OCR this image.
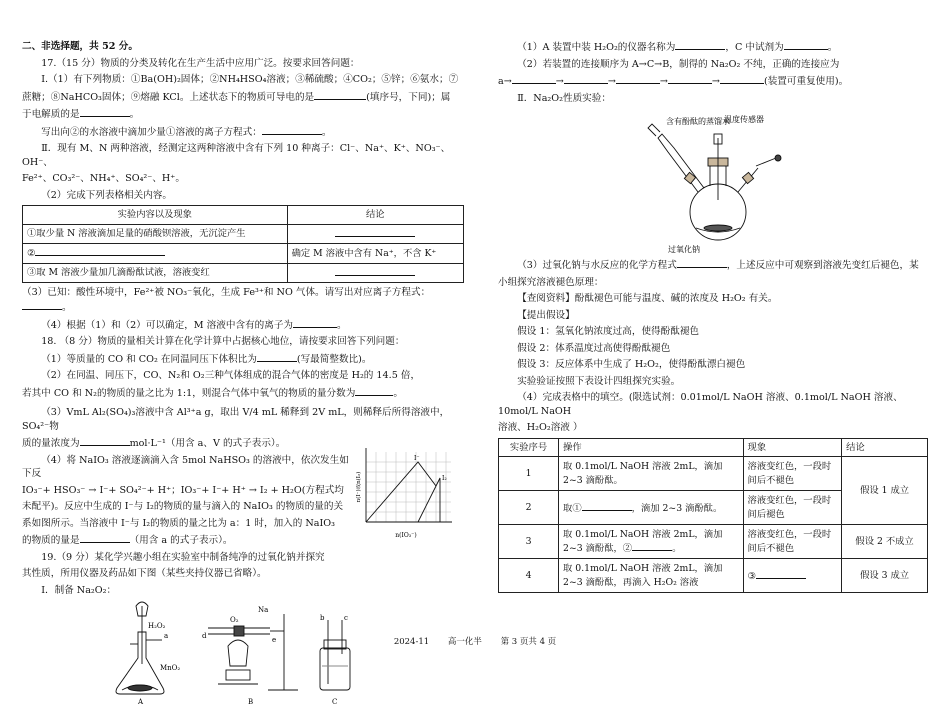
二、非选择题，共 52 分。

17.（15 分）物质的分类及转化在生产生活中应用广泛。按要求回答问题：

Ⅰ.（1）有下列物质：①Ba(OH)₂固体；②NH₄HSO₄溶液；③稀硫酸；④CO₂；⑤锌；⑥氨水；⑦

蔗糖；⑧NaHCO₃固体；⑨熔融 KCl。上述状态下的物质可导电的是	(填序号，下同)；属

于电解质的是	。

写出向②的水溶液中滴加少量①溶液的离子方程式：	。

Ⅱ．现有 M、N 两种溶液，经测定这两种溶液中含有下列 10 种离子：Cl⁻、Na⁺、K⁺、NO₃⁻、OH⁻、

Fe²⁺、CO₃²⁻、NH₄⁺、SO₄²⁻、H⁺。

（2）完成下列表格相关内容。

实验内容以及现象	结论
①取少量 N 溶液滴加足量的硝酸钡溶液，无沉淀产生	
②	确定 M 溶液中含有 Na⁺，不含 K⁺
③取 M 溶液少量加几滴酚酞试液，溶液变红	

（3）已知：酸性环境中，Fe²⁺被 NO₃⁻氧化，生成 Fe³⁺和 NO 气体。请写出对应离子方程式：。

（4）根据（1）和（2）可以确定，M 溶液中含有的离子为	。

18. （8 分）物质的量相关计算在化学计算中占据核心地位，请按要求回答下列问题：

（1）等质量的 CO 和 CO₂ 在同温同压下体积比为	(写最简整数比)。

（2）在同温、同压下，CO、N₂和 O₂三种气体组成的混合气体的密度是 H₂的 14.5 倍，

若其中 CO 和 N₂的物质的量之比为 1:1，则混合气体中氧气的物质的量分数为	。

（3）VmL Al₂(SO₄)₃溶液中含 Al³⁺a g，取出 V/4 mL 稀释到 2V mL，则稀释后所得溶液中，SO₄²⁻物

质的量浓度为	mol·L⁻¹（用含 a、V 的式子表示）。

（4）将 NaIO₃ 溶液逐滴滴入含 5mol NaHSO₃ 的溶液中，依次发生如下反

IO₃⁻+ HSO₃⁻ → I⁻+ SO₄²⁻+ H⁺；IO₃⁻+ I⁻+ H⁺ → I₂ + H₂O(方程式均

未配平)。反应中生成的 I⁻与 I₂的物质的量与滴入的 NaIO₃ 的物质的量的关

系如图所示。当溶液中 I⁻与 I₂的物质的量之比为 a：1 时，加入的 NaIO₃

的物质的量是	（用含 a 的式子表示）。

I⁻
I₂
n(IO₃⁻)
n(I⁻)或n(I₂)

19.（9 分）某化学兴趣小组在实验室中制备纯净的过氧化钠并探究

其性质，所用仪器及药品如下图（某些夹持仪器已省略）。

Ⅰ．制备 Na₂O₂：

H₂O₂
MnO₂
a
A
O₂
Na
d	e
B
b	c
C

（1）A 装置中装 H₂O₂的仪器名称为	，C 中试剂为	。

（2）若装置的连接顺序为 A→C→B，制得的 Na₂O₂ 不纯，正确的连接应为

a→	→	→	→	→	(装置可重复使用)。

Ⅱ．Na₂O₂性质实验：

含有酚酞的蒸馏水
温度传感器
过氧化钠

（3）过氧化钠与水反应的化学方程式	，上述反应中可观察到溶液先变红后褪色，某

小组探究溶液褪色原理：

【查阅资料】酚酞褪色可能与温度、碱的浓度及 H₂O₂ 有关。

【提出假设】

假设 1：氢氧化钠浓度过高，使得酚酞褪色

假设 2：体系温度过高使得酚酞褪色

假设 3：反应体系中生成了 H₂O₂，使得酚酞漂白褪色

实验验证按照下表设计四组探究实验。

（4）完成表格中的填空。(限选试剂：0.01mol/L NaOH 溶液、0.1mol/L NaOH 溶液、10mol/L NaOH

溶液、H₂O₂溶液 ）

实验序号	操作	现象	结论
1	取 0.1mol/L NaOH 溶液 2mL，滴加 2~3 滴酚酞。	溶液变红色，一段时间后不褪色	假设 1 成立
2	取① ，滴加 2~3 滴酚酞。	溶液变红色，一段时间后褪色	
3	取 0.1mol/L NaOH 溶液 2mL，滴加 2~3 滴酚酞，② 。	溶液变红色，一段时间后不褪色	假设 2 不成立
4	取 0.1mol/L NaOH 溶液 2mL，滴加 2~3 滴酚酞，再滴入 H₂O₂ 溶液	③	假设 3 成立
2024-11 高一化半 第 3 页共 4 页
